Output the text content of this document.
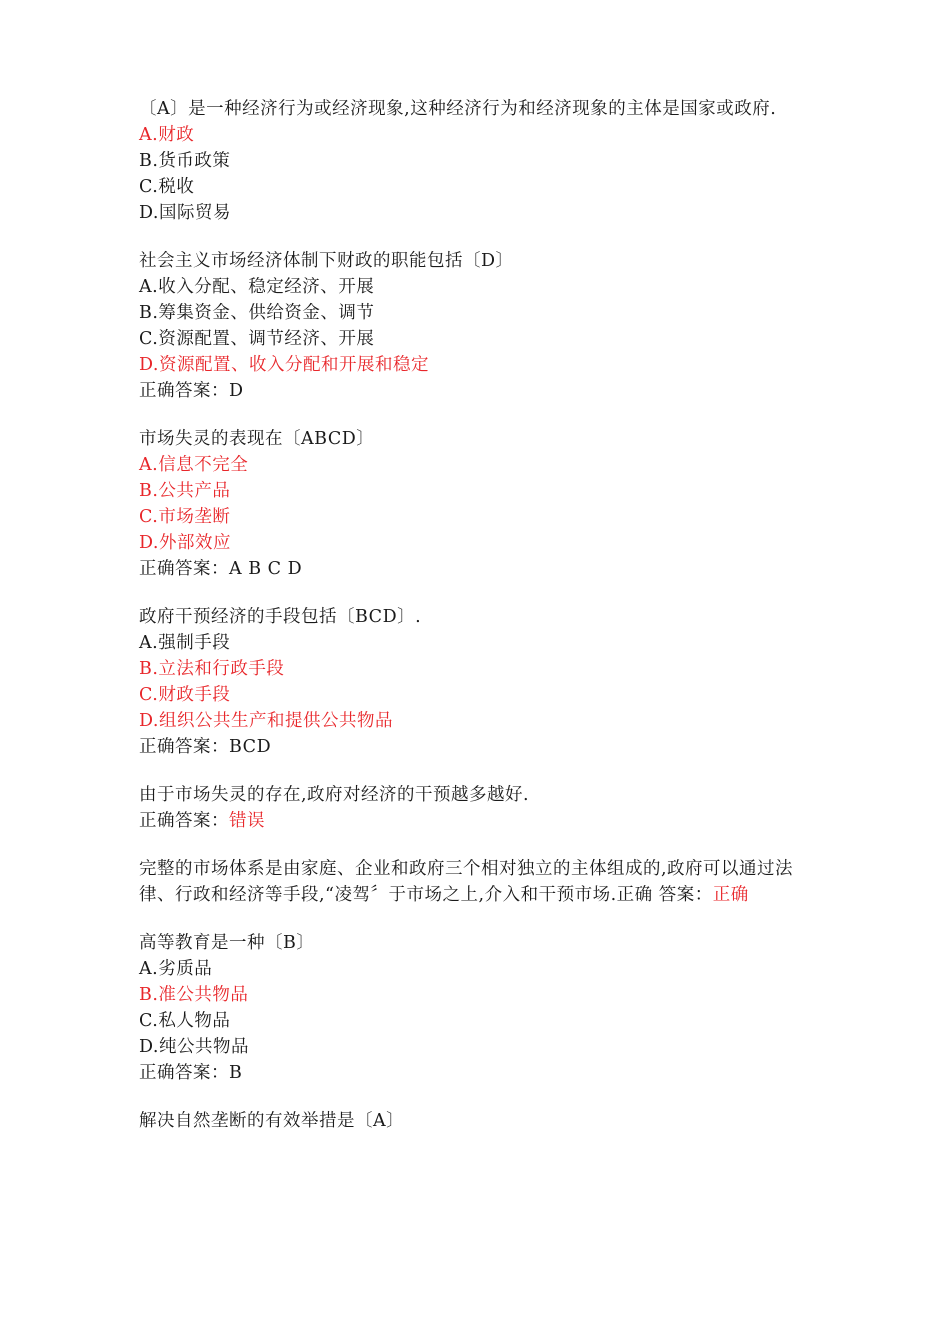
〔A〕是一种经济行为或经济现象,这种经济行为和经济现象的主体是国家或政府.
A.财政
B.货币政策
C.税收
D.国际贸易
社会主义市场经济体制下财政的职能包括〔D〕
A.收入分配、稳定经济、开展
B.筹集资金、供给资金、调节
C.资源配置、调节经济、开展
D.资源配置、收入分配和开展和稳定
正确答案：D
市场失灵的表现在〔ABCD〕
A.信息不完全
B.公共产品
C.市场垄断
D.外部效应
正确答案：A B C D
政府干预经济的手段包括〔BCD〕.
A.强制手段
B.立法和行政手段
C.财政手段
D.组织公共生产和提供公共物品
正确答案：BCD
由于市场失灵的存在,政府对经济的干预越多越好.
正确答案：错误
完整的市场体系是由家庭、企业和政府三个相对独立的主体组成的,政府可以通过法律、行政和经济等手段,“凌驾〞于市场之上,介入和干预市场.正确 答案：正确
高等教育是一种〔B〕
A.劣质品
B.准公共物品
C.私人物品
D.纯公共物品
正确答案：B
解决自然垄断的有效举措是〔A〕
